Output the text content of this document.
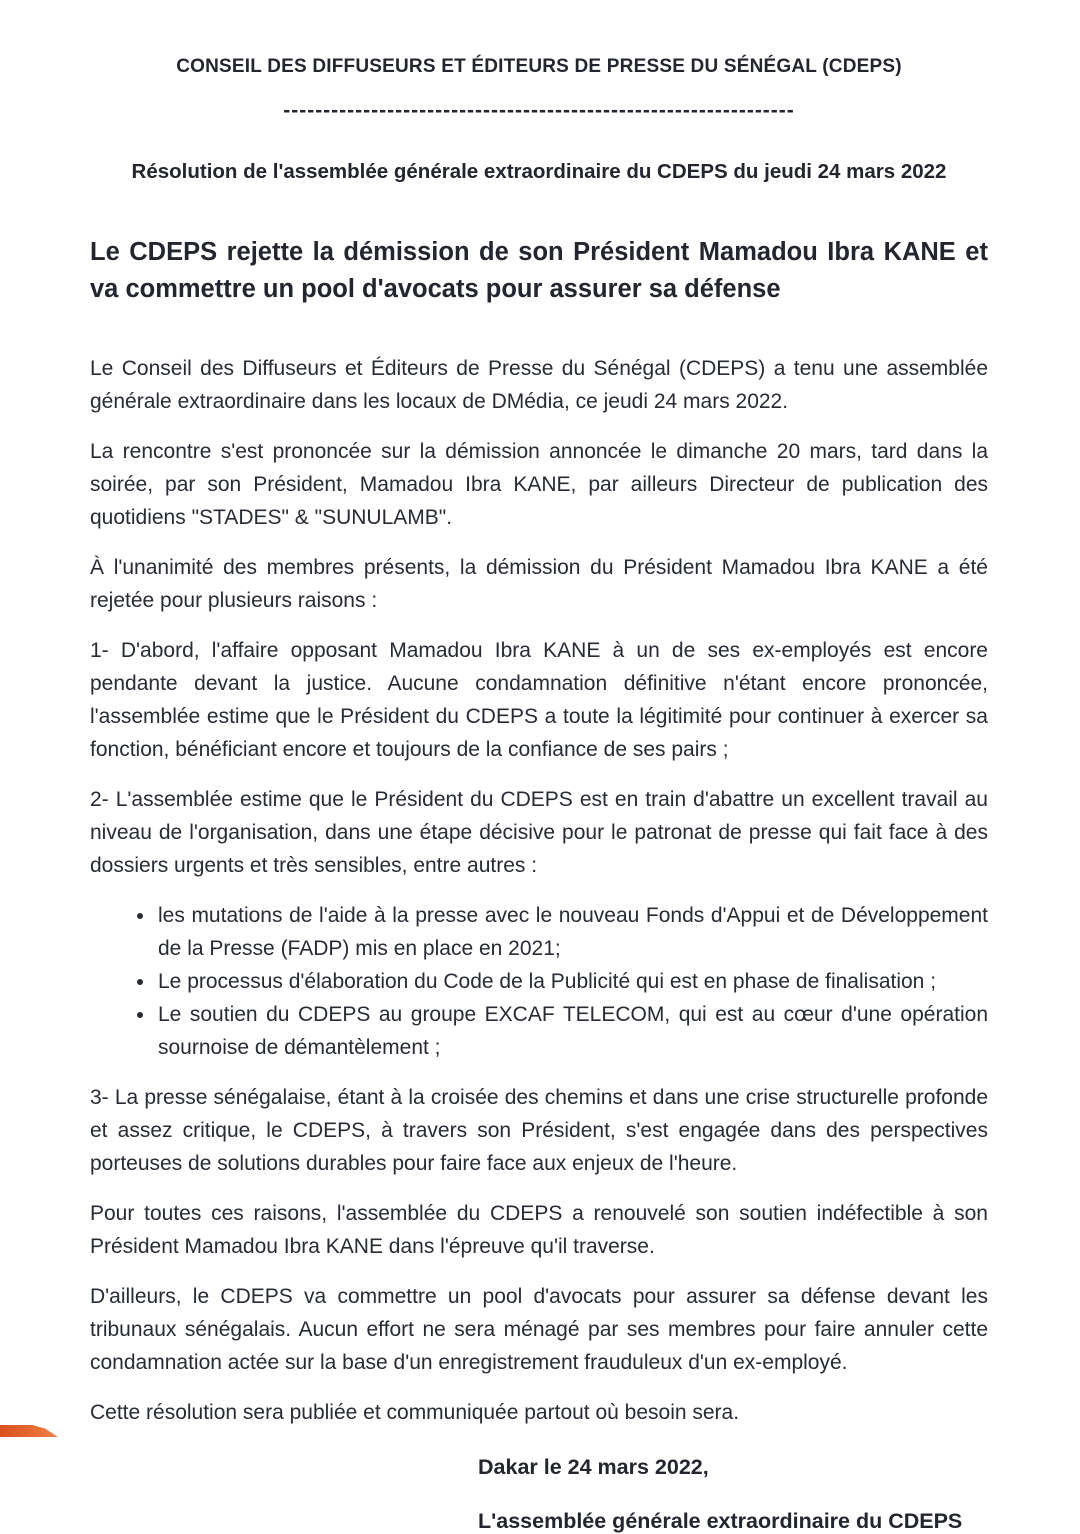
CONSEIL DES DIFFUSEURS ET ÉDITEURS DE PRESSE DU SÉNÉGAL (CDEPS)

----------------------------------------------------------------

Résolution de l'assemblée générale extraordinaire du CDEPS du jeudi 24 mars 2022

Le CDEPS rejette la démission de son Président Mamadou Ibra KANE et va commettre un pool d'avocats pour assurer sa défense

Le Conseil des Diffuseurs et Éditeurs de Presse du Sénégal (CDEPS) a tenu une assemblée générale extraordinaire dans les locaux de DMédia, ce jeudi 24 mars 2022.

La rencontre s'est prononcée sur la démission annoncée le dimanche 20 mars, tard dans la soirée, par son Président, Mamadou Ibra KANE, par ailleurs Directeur de publication des quotidiens "STADES" & "SUNULAMB".

À l'unanimité des membres présents, la démission du Président Mamadou Ibra KANE a été rejetée pour plusieurs raisons :

1- D'abord, l'affaire opposant Mamadou Ibra KANE à un de ses ex-employés est encore pendante devant la justice. Aucune condamnation définitive n'étant encore prononcée, l'assemblée estime que le Président du CDEPS a toute la légitimité pour continuer à exercer sa fonction, bénéficiant encore et toujours de la confiance de ses pairs ;

2- L'assemblée estime que le Président du CDEPS est en train d'abattre un excellent travail au niveau de l'organisation, dans une étape décisive pour le patronat de presse qui fait face à des dossiers urgents et très sensibles, entre autres :

• les mutations de l'aide à la presse avec le nouveau Fonds d'Appui et de Développement de la Presse (FADP) mis en place en 2021;
• Le processus d'élaboration du Code de la Publicité qui est en phase de finalisation ;
• Le soutien du CDEPS au groupe EXCAF TELECOM, qui est au cœur d'une opération sournoise de démantèlement ;

3- La presse sénégalaise, étant à la croisée des chemins et dans une crise structurelle profonde et assez critique, le CDEPS, à travers son Président, s'est engagée dans des perspectives porteuses de solutions durables pour faire face aux enjeux de l'heure.

Pour toutes ces raisons, l'assemblée du CDEPS a renouvelé son soutien indéfectible à son Président Mamadou Ibra KANE dans l'épreuve qu'il traverse.

D'ailleurs, le CDEPS va commettre un pool d'avocats pour assurer sa défense devant les tribunaux sénégalais. Aucun effort ne sera ménagé par ses membres pour faire annuler cette condamnation actée sur la base d'un enregistrement frauduleux d'un ex-employé.

Cette résolution sera publiée et communiquée partout où besoin sera.

Dakar le 24 mars 2022,

L'assemblée générale extraordinaire du CDEPS
